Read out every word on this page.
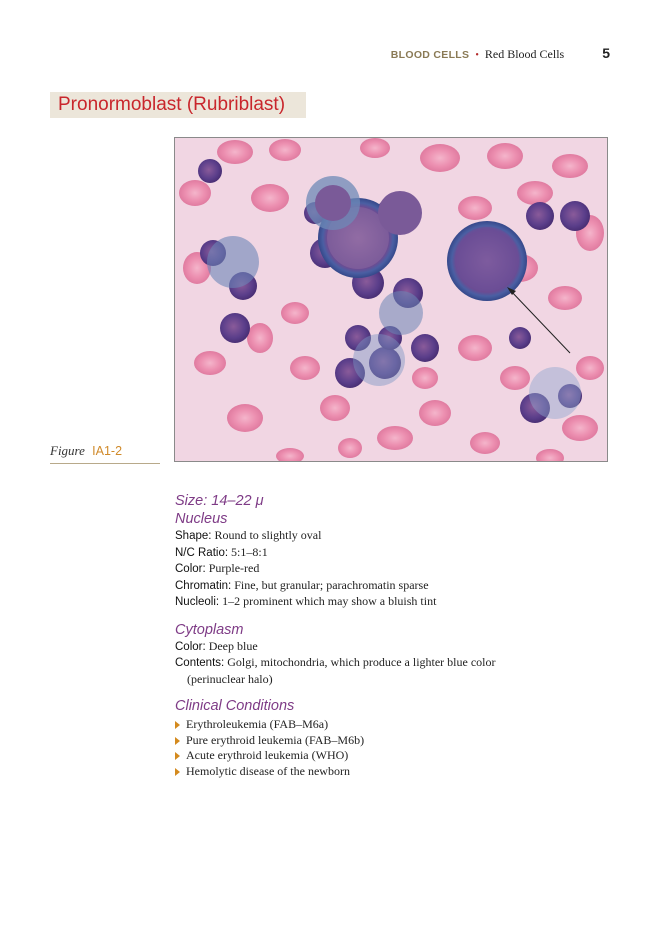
BLOOD CELLS • Red Blood Cells	5
Pronormoblast (Rubriblast)
Figure IA1-2
Size: 14–22 μ
Nucleus
Shape: Round to slightly oval
N/C Ratio: 5:1–8:1
Color: Purple-red
Chromatin: Fine, but granular; parachromatin sparse
Nucleoli: 1–2 prominent which may show a bluish tint
Cytoplasm
Color: Deep blue
Contents: Golgi, mitochondria, which produce a lighter blue color
(perinuclear halo)
Clinical Conditions
Erythroleukemia (FAB–M6a)
Pure erythroid leukemia (FAB–M6b)
Acute erythroid leukemia (WHO)
Hemolytic disease of the newborn
